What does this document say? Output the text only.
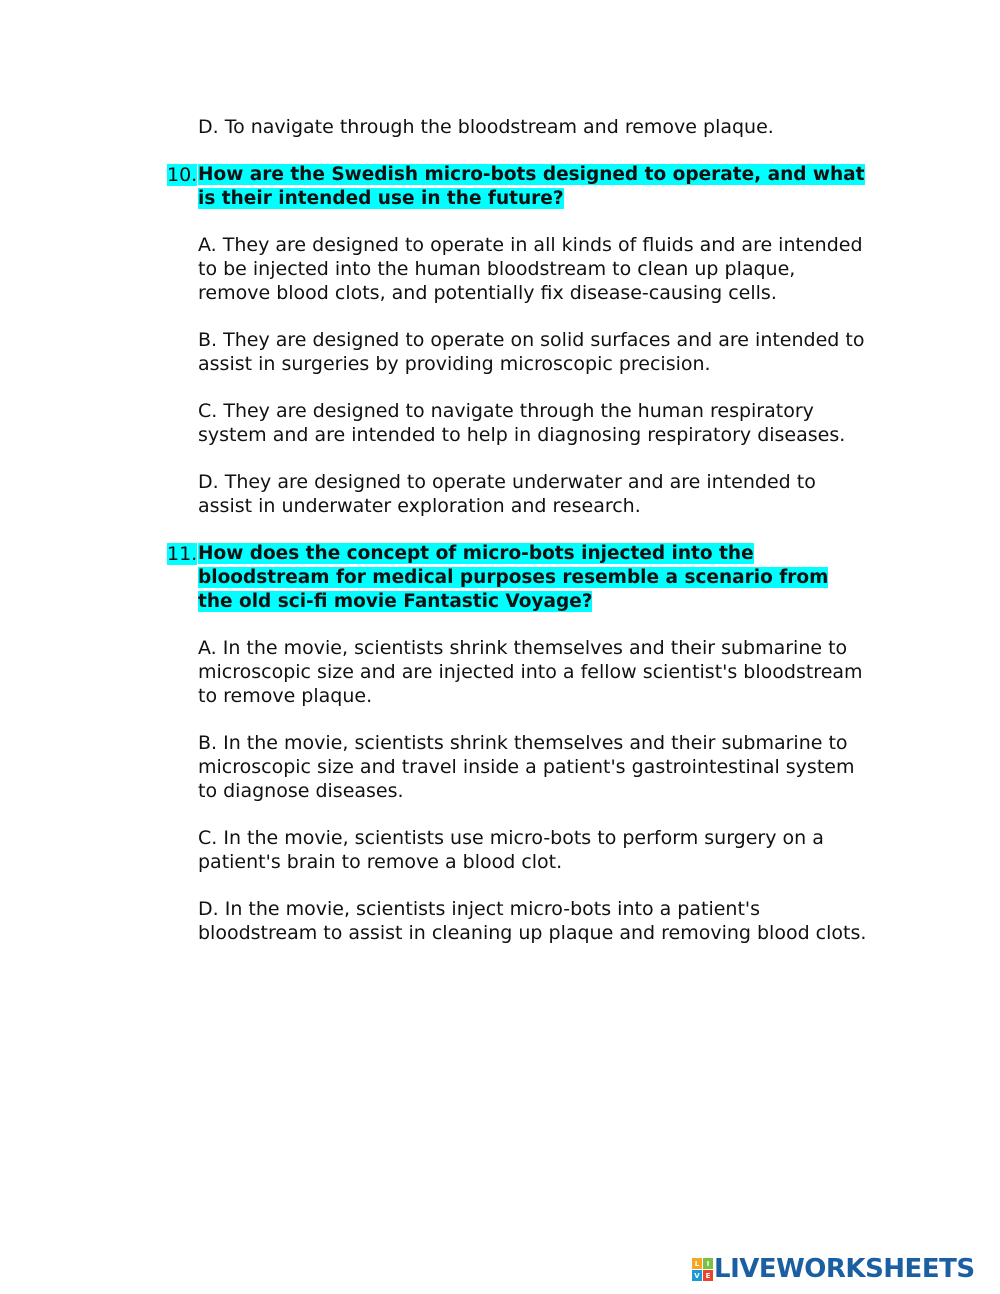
D. To navigate through the bloodstream and remove plaque.
10. How are the Swedish micro-bots designed to operate, and what is their intended use in the future?
A. They are designed to operate in all kinds of fluids and are intended to be injected into the human bloodstream to clean up plaque, remove blood clots, and potentially fix disease-causing cells.
B. They are designed to operate on solid surfaces and are intended to assist in surgeries by providing microscopic precision.
C. They are designed to navigate through the human respiratory system and are intended to help in diagnosing respiratory diseases.
D. They are designed to operate underwater and are intended to assist in underwater exploration and research.
11. How does the concept of micro-bots injected into the bloodstream for medical purposes resemble a scenario from the old sci-fi movie Fantastic Voyage?
A. In the movie, scientists shrink themselves and their submarine to microscopic size and are injected into a fellow scientist's bloodstream to remove plaque.
B. In the movie, scientists shrink themselves and their submarine to microscopic size and travel inside a patient's gastrointestinal system to diagnose diseases.
C. In the movie, scientists use micro-bots to perform surgery on a patient's brain to remove a blood clot.
D. In the movie, scientists inject micro-bots into a patient's bloodstream to assist in cleaning up plaque and removing blood clots.
L	I
V E LIVEWORKSHEETS
